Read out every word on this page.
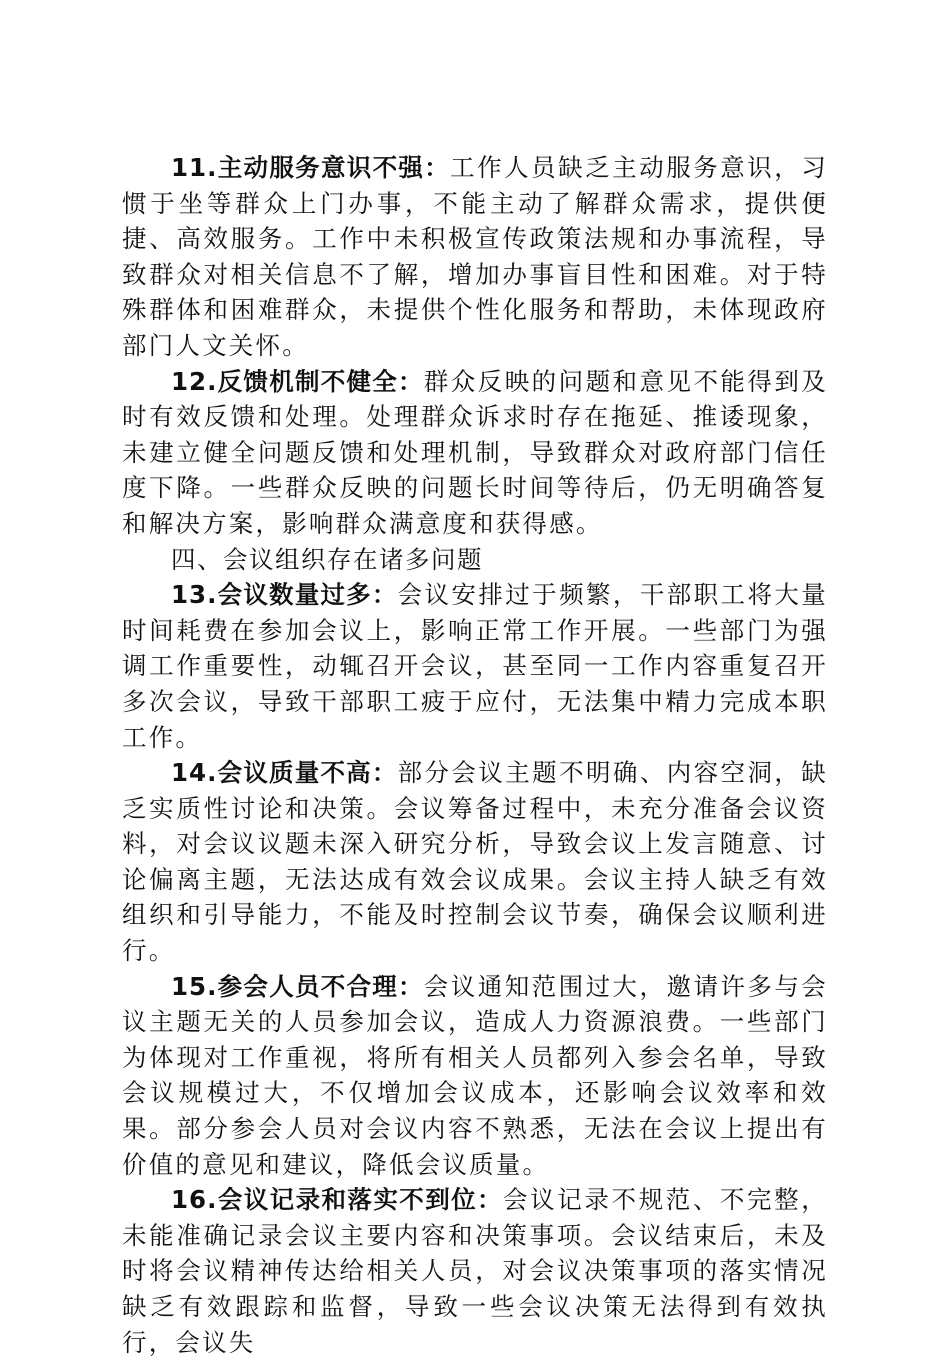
11.主动服务意识不强：工作人员缺乏主动服务意识，习惯于坐等群众上门办事，不能主动了解群众需求，提供便捷、高效服务。工作中未积极宣传政策法规和办事流程，导致群众对相关信息不了解，增加办事盲目性和困难。对于特殊群体和困难群众，未提供个性化服务和帮助，未体现政府部门人文关怀。

12.反馈机制不健全：群众反映的问题和意见不能得到及时有效反馈和处理。处理群众诉求时存在拖延、推诿现象，未建立健全问题反馈和处理机制，导致群众对政府部门信任度下降。一些群众反映的问题长时间等待后，仍无明确答复和解决方案，影响群众满意度和获得感。

四、会议组织存在诸多问题

13.会议数量过多：会议安排过于频繁，干部职工将大量时间耗费在参加会议上，影响正常工作开展。一些部门为强调工作重要性，动辄召开会议，甚至同一工作内容重复召开多次会议，导致干部职工疲于应付，无法集中精力完成本职工作。

14.会议质量不高：部分会议主题不明确、内容空洞，缺乏实质性讨论和决策。会议筹备过程中，未充分准备会议资料，对会议议题未深入研究分析，导致会议上发言随意、讨论偏离主题，无法达成有效会议成果。会议主持人缺乏有效组织和引导能力，不能及时控制会议节奏，确保会议顺利进行。

15.参会人员不合理：会议通知范围过大，邀请许多与会议主题无关的人员参加会议，造成人力资源浪费。一些部门为体现对工作重视，将所有相关人员都列入参会名单，导致会议规模过大，不仅增加会议成本，还影响会议效率和效果。部分参会人员对会议内容不熟悉，无法在会议上提出有价值的意见和建议，降低会议质量。

16.会议记录和落实不到位：会议记录不规范、不完整，未能准确记录会议主要内容和决策事项。会议结束后，未及时将会议精神传达给相关人员，对会议决策事项的落实情况缺乏有效跟踪和监督，导致一些会议决策无法得到有效执行，会议失
